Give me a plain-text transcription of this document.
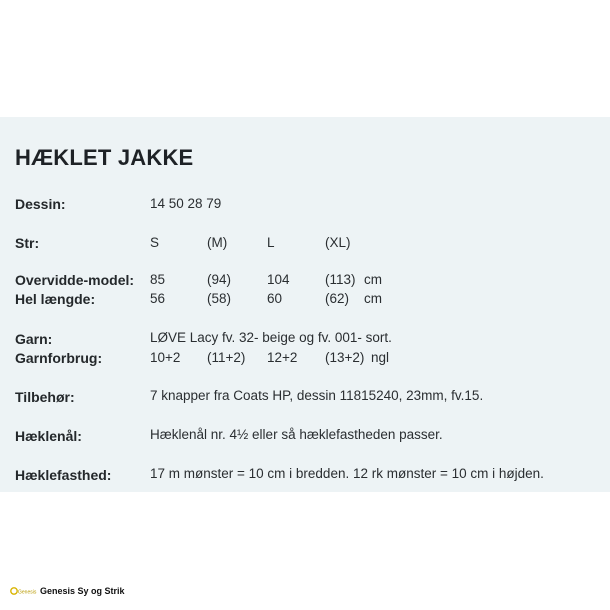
HÆKLET JAKKE
Dessin:	14 50 28 79
Str:	S	(M)	L	(XL)
Overvidde-model: 85	(94)	104	(113) cm
Hel længde:	56	(58)	60	(62) cm
Garn:	LØVE Lacy fv. 32- beige og fv. 001- sort.
Garnforbrug:	10+2 (11+2) 12+2 (13+2) ngl
Tilbehør:	7 knapper fra Coats HP, dessin 11815240, 23mm, fv.15.
Hæklenål:	Hæklenål nr. 4½ eller så hæklefastheden passer.
Hæklefasthed:	17 m mønster = 10 cm i bredden. 12 rk mønster = 10 cm i højden.
Genesis Genesis Sy og Strik
